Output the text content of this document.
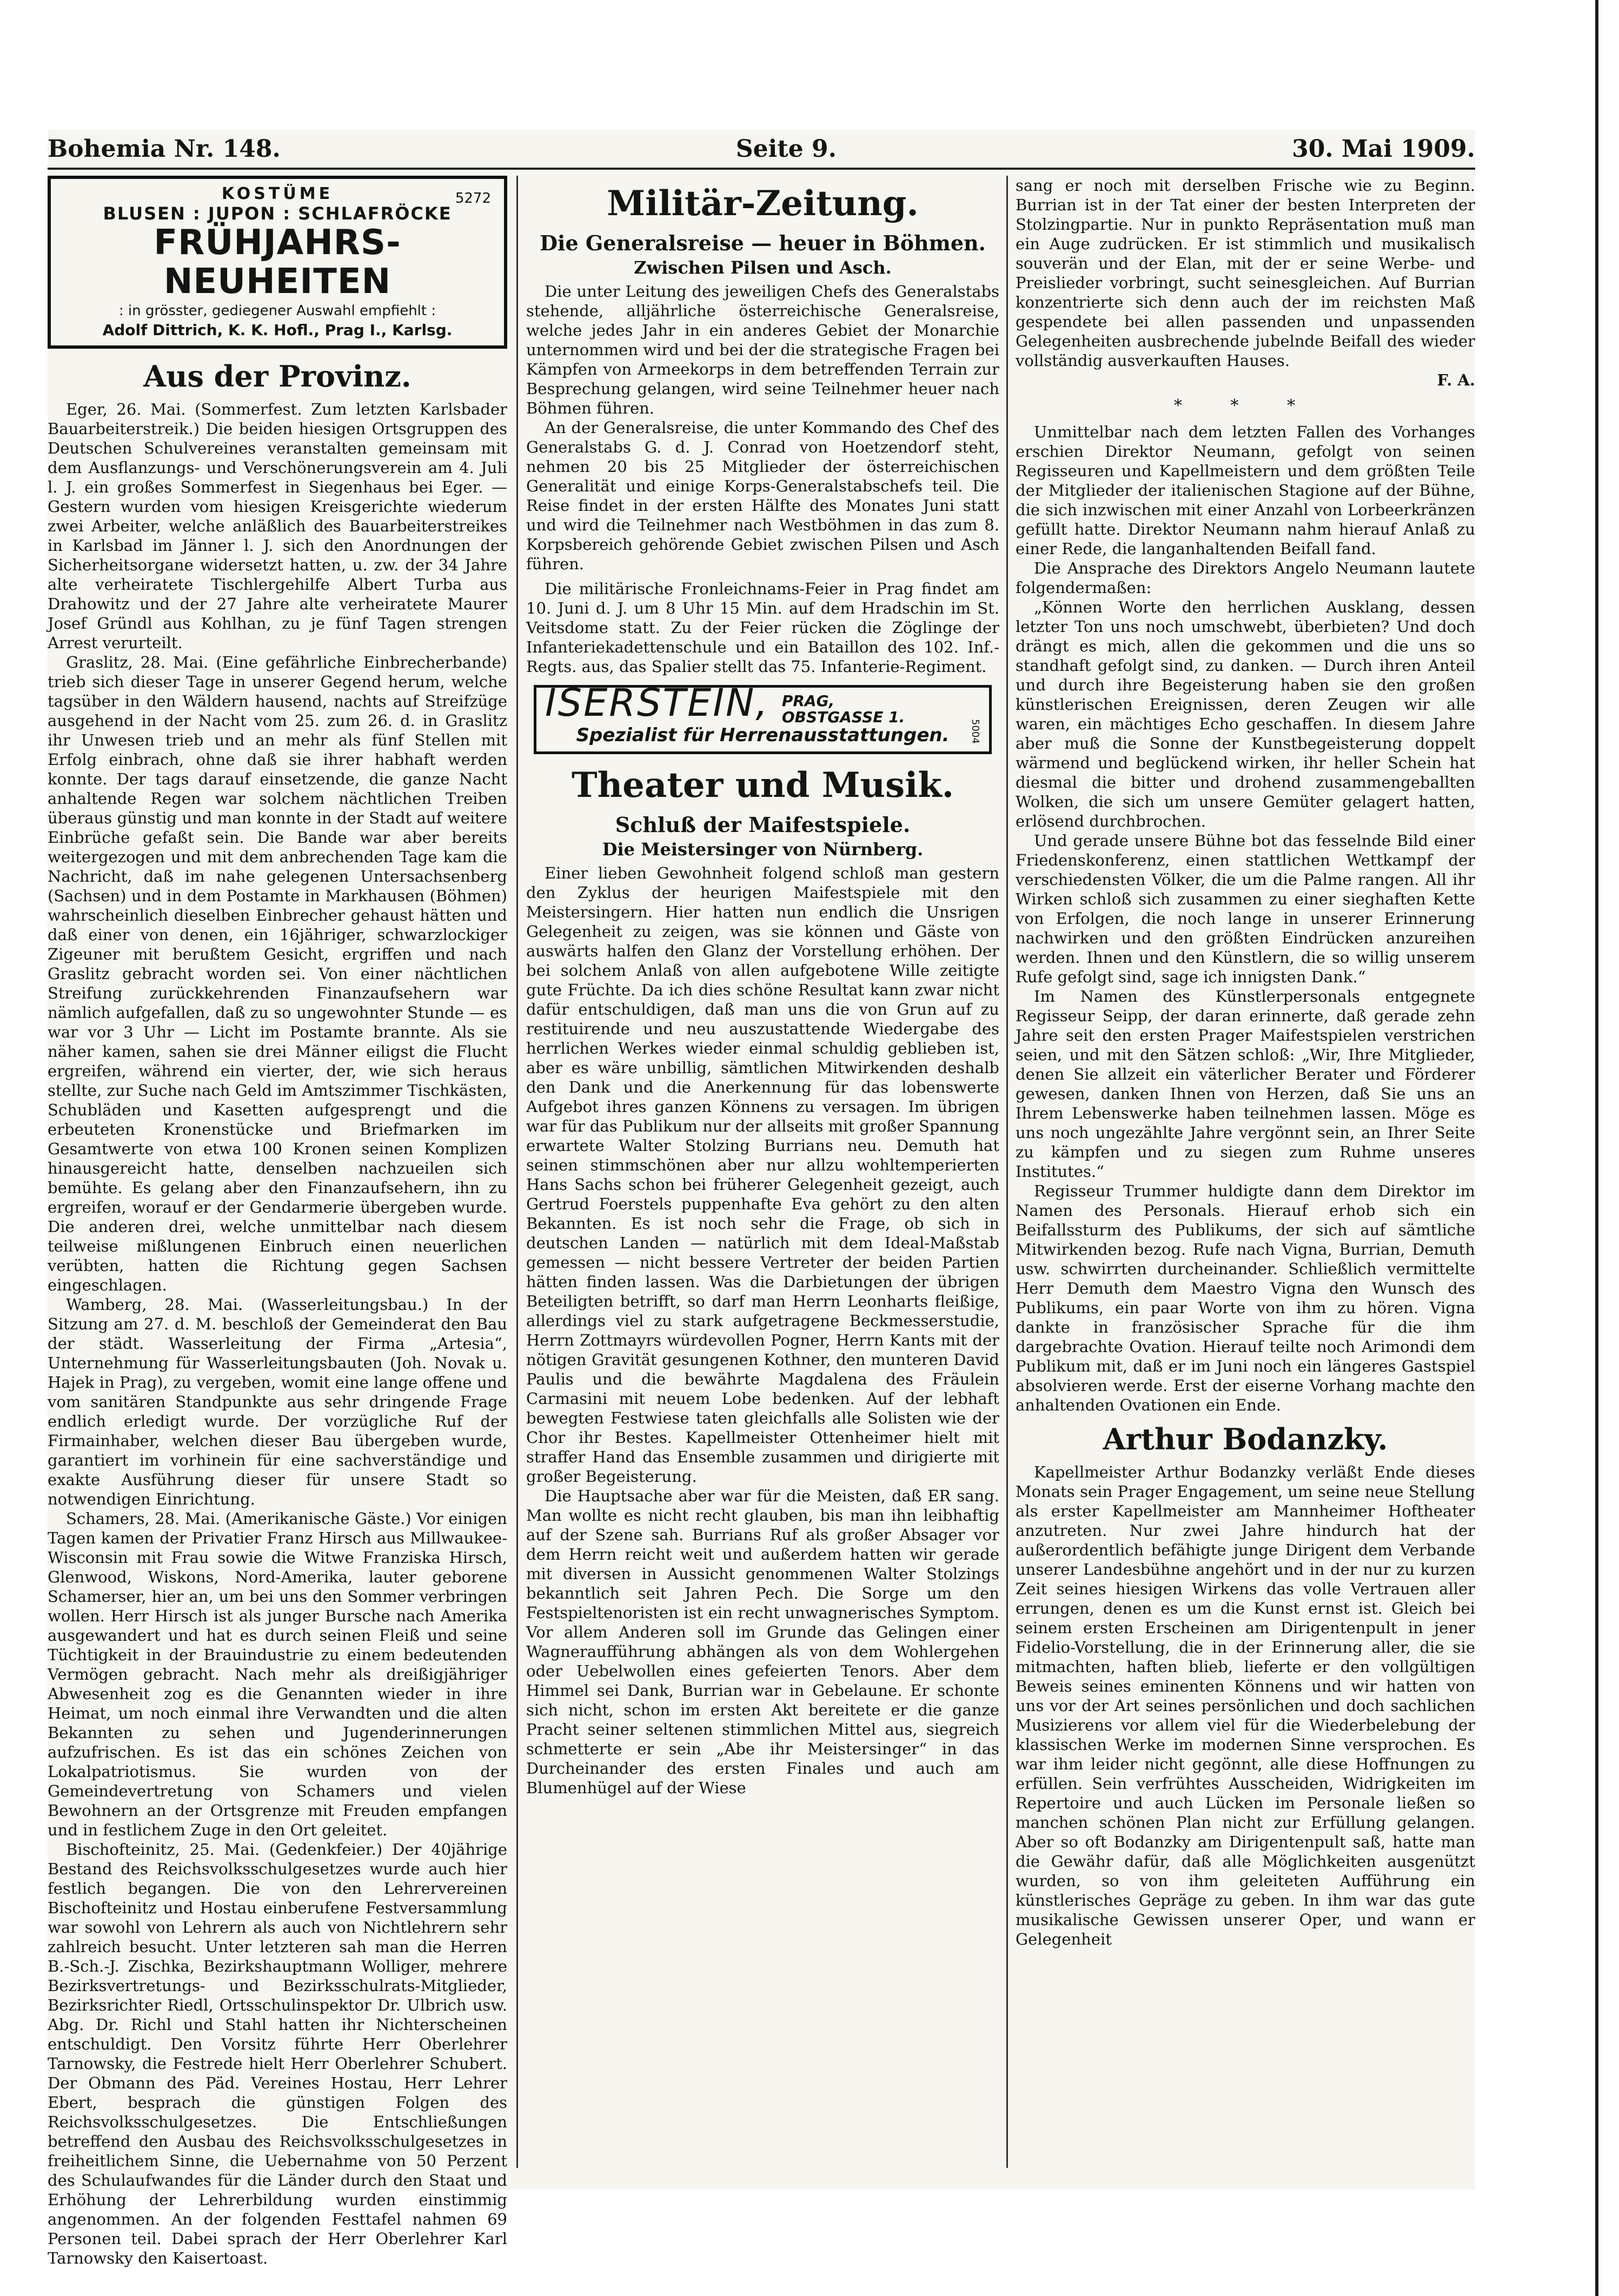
Bohemia Nr. 148.	Seite 9.	30. Mai 1909.
KOSTÜME	5272
BLUSEN : JUPON : SCHLAFRÖCKE
FRÜHJAHRS-NEUHEITEN
: in grösster, gediegener Auswahl empfiehlt :
Adolf Dittrich, K. K. Hofl., Prag I., Karlsg.
Aus der Provinz.

Eger, 26. Mai. (Sommerfest. Zum letzten Karlsbader Bauarbeiterstreik.) Die beiden hiesigen Ortsgruppen des Deutschen Schulvereines veranstalten gemeinsam mit dem Ausflanzungs- und Verschönerungsverein am 4. Juli l. J. ein großes Sommerfest in Siegenhaus bei Eger. — Gestern wurden vom hiesigen Kreisgerichte wiederum zwei Arbeiter, welche anläßlich des Bauarbeiterstreikes in Karlsbad im Jänner l. J. sich den Anordnungen der Sicherheitsorgane widersetzt hatten, u. zw. der 34 Jahre alte verheiratete Tischlergehilfe Albert Turba aus Drahowitz und der 27 Jahre alte verheiratete Maurer Josef Gründl aus Kohlhan, zu je fünf Tagen strengen Arrest verurteilt.

Graslitz, 28. Mai. (Eine gefährliche Einbrecherbande) trieb sich dieser Tage in unserer Gegend herum, welche tagsüber in den Wäldern hausend, nachts auf Streifzüge ausgehend in der Nacht vom 25. zum 26. d. in Graslitz ihr Unwesen trieb und an mehr als fünf Stellen mit Erfolg einbrach, ohne daß sie ihrer habhaft werden konnte. Der tags darauf einsetzende, die ganze Nacht anhaltende Regen war solchem nächtlichen Treiben überaus günstig und man konnte in der Stadt auf weitere Einbrüche gefaßt sein. Die Bande war aber bereits weitergezogen und mit dem anbrechenden Tage kam die Nachricht, daß im nahe gelegenen Untersachsenberg (Sachsen) und in dem Postamte in Markhausen (Böhmen) wahrscheinlich dieselben Einbrecher gehaust hätten und daß einer von denen, ein 16jähriger, schwarzlockiger Zigeuner mit berußtem Gesicht, ergriffen und nach Graslitz gebracht worden sei. Von einer nächtlichen Streifung zurückkehrenden Finanzaufsehern war nämlich aufgefallen, daß zu so ungewohnter Stunde — es war vor 3 Uhr — Licht im Postamte brannte. Als sie näher kamen, sahen sie drei Männer eiligst die Flucht ergreifen, während ein vierter, der, wie sich heraus stellte, zur Suche nach Geld im Amtszimmer Tischkästen, Schubläden und Kasetten aufgesprengt und die erbeuteten Kronenstücke und Briefmarken im Gesamtwerte von etwa 100 Kronen seinen Komplizen hinausgereicht hatte, denselben nachzueilen sich bemühte. Es gelang aber den Finanzaufsehern, ihn zu ergreifen, worauf er der Gendarmerie übergeben wurde. Die anderen drei, welche unmittelbar nach diesem teilweise mißlungenen Einbruch einen neuerlichen verübten, hatten die Richtung gegen Sachsen eingeschlagen.

Wamberg, 28. Mai. (Wasserleitungsbau.) In der Sitzung am 27. d. M. beschloß der Gemeinderat den Bau der städt. Wasserleitung der Firma „Artesia“, Unternehmung für Wasserleitungsbauten (Joh. Novak u. Hajek in Prag), zu vergeben, womit eine lange offene und vom sanitären Standpunkte aus sehr dringende Frage endlich erledigt wurde. Der vorzügliche Ruf der Firmainhaber, welchen dieser Bau übergeben wurde, garantiert im vorhinein für eine sachverständige und exakte Ausführung dieser für unsere Stadt so notwendigen Einrichtung.

Schamers, 28. Mai. (Amerikanische Gäste.) Vor einigen Tagen kamen der Privatier Franz Hirsch aus Millwaukee-Wisconsin mit Frau sowie die Witwe Franziska Hirsch, Glenwood, Wiskons, Nord-Amerika, lauter geborene Schamerser, hier an, um bei uns den Sommer verbringen wollen. Herr Hirsch ist als junger Bursche nach Amerika ausgewandert und hat es durch seinen Fleiß und seine Tüchtigkeit in der Brauindustrie zu einem bedeutenden Vermögen gebracht. Nach mehr als dreißigjähriger Abwesenheit zog es die Genannten wieder in ihre Heimat, um noch einmal ihre Verwandten und die alten Bekannten zu sehen und Jugenderinnerungen aufzufrischen. Es ist das ein schönes Zeichen von Lokalpatriotismus. Sie wurden von der Gemeindevertretung von Schamers und vielen Bewohnern an der Ortsgrenze mit Freuden empfangen und in festlichem Zuge in den Ort geleitet.

Bischofteinitz, 25. Mai. (Gedenkfeier.) Der 40jährige Bestand des Reichsvolksschulgesetzes wurde auch hier festlich begangen. Die von den Lehrervereinen Bischofteinitz und Hostau einberufene Festversammlung war sowohl von Lehrern als auch von Nichtlehrern sehr zahlreich besucht. Unter letzteren sah man die Herren B.-Sch.-J. Zischka, Bezirkshauptmann Wolliger, mehrere Bezirksvertretungs- und Bezirksschulrats-Mitglieder, Bezirksrichter Riedl, Ortsschulinspektor Dr. Ulbrich usw. Abg. Dr. Richl und Stahl hatten ihr Nichterscheinen entschuldigt. Den Vorsitz führte Herr Oberlehrer Tarnowsky, die Festrede hielt Herr Oberlehrer Schubert. Der Obmann des Päd. Vereines Hostau, Herr Lehrer Ebert, besprach die günstigen Folgen des Reichsvolksschulgesetzes. Die Entschließungen betreffend den Ausbau des Reichsvolksschulgesetzes in freiheitlichem Sinne, die Uebernahme von 50 Perzent des Schulaufwandes für die Länder durch den Staat und Erhöhung der Lehrerbildung wurden einstimmig angenommen. An der folgenden Festtafel nahmen 69 Personen teil. Dabei sprach der Herr Oberlehrer Karl Tarnowsky den Kaisertoast.

Militär-Zeitung.
Die Generalsreise — heuer in Böhmen.
Zwischen Pilsen und Asch.

Die unter Leitung des jeweiligen Chefs des Generalstabs stehende, alljährliche österreichische Generalsreise, welche jedes Jahr in ein anderes Gebiet der Monarchie unternommen wird und bei der die strategische Fragen bei Kämpfen von Armeekorps in dem betreffenden Terrain zur Besprechung gelangen, wird seine Teilnehmer heuer nach Böhmen führen.

An der Generalsreise, die unter Kommando des Chef des Generalstabs G. d. J. Conrad von Hoetzendorf steht, nehmen 20 bis 25 Mitglieder der österreichischen Generalität und einige Korps-Generalstabschefs teil. Die Reise findet in der ersten Hälfte des Monates Juni statt und wird die Teilnehmer nach Westböhmen in das zum 8. Korpsbereich gehörende Gebiet zwischen Pilsen und Asch führen.

Die militärische Fronleichnams-Feier in Prag findet am 10. Juni d. J. um 8 Uhr 15 Min. auf dem Hradschin im St. Veitsdome statt. Zu der Feier rücken die Zöglinge der Infanteriekadettenschule und ein Bataillon des 102. Inf.-Regts. aus, das Spalier stellt das 75. Infanterie-Regiment.

ISERSTEIN, PRAG,
OBSTGASSE 1.
Spezialist für Herrenausstattungen.	5004
Theater und Musik.
Schluß der Maifestspiele.
Die Meistersinger von Nürnberg.

Einer lieben Gewohnheit folgend schloß man gestern den Zyklus der heurigen Maifestspiele mit den Meistersingern. Hier hatten nun endlich die Unsrigen Gelegenheit zu zeigen, was sie können und Gäste von auswärts halfen den Glanz der Vorstellung erhöhen. Der bei solchem Anlaß von allen aufgebotene Wille zeitigte gute Früchte. Da ich dies schöne Resultat kann zwar nicht dafür entschuldigen, daß man uns die von Grun auf zu restituirende und neu auszustattende Wiedergabe des herrlichen Werkes wieder einmal schuldig geblieben ist, aber es wäre unbillig, sämtlichen Mitwirkenden deshalb den Dank und die Anerkennung für das lobenswerte Aufgebot ihres ganzen Könnens zu versagen. Im übrigen war für das Publikum nur der allseits mit großer Spannung erwartete Walter Stolzing Burrians neu. Demuth hat seinen stimmschönen aber nur allzu wohltemperierten Hans Sachs schon bei früherer Gelegenheit gezeigt, auch Gertrud Foerstels puppenhafte Eva gehört zu den alten Bekannten. Es ist noch sehr die Frage, ob sich in deutschen Landen — natürlich mit dem Ideal-Maßstab gemessen — nicht bessere Vertreter der beiden Partien hätten finden lassen. Was die Darbietungen der übrigen Beteiligten betrifft, so darf man Herrn Leonharts fleißige, allerdings viel zu stark aufgetragene Beckmesserstudie, Herrn Zottmayrs würdevollen Pogner, Herrn Kants mit der nötigen Gravität gesungenen Kothner, den munteren David Paulis und die bewährte Magdalena des Fräulein Carmasini mit neuem Lobe bedenken. Auf der lebhaft bewegten Festwiese taten gleichfalls alle Solisten wie der Chor ihr Bestes. Kapellmeister Ottenheimer hielt mit straffer Hand das Ensemble zusammen und dirigierte mit großer Begeisterung.

Die Hauptsache aber war für die Meisten, daß ER sang. Man wollte es nicht recht glauben, bis man ihn leibhaftig auf der Szene sah. Burrians Ruf als großer Absager vor dem Herrn reicht weit und außerdem hatten wir gerade mit diversen in Aussicht genommenen Walter Stolzings bekanntlich seit Jahren Pech. Die Sorge um den Festspieltenoristen ist ein recht unwagnerisches Symptom. Vor allem Anderen soll im Grunde das Gelingen einer Wagneraufführung abhängen als von dem Wohlergehen oder Uebelwollen eines gefeierten Tenors. Aber dem Himmel sei Dank, Burrian war in Gebelaune. Er schonte sich nicht, schon im ersten Akt bereitete er die ganze Pracht seiner seltenen stimmlichen Mittel aus, siegreich schmetterte er sein „Abe ihr Meistersinger“ in das Durcheinander des ersten Finales und auch am Blumenhügel auf der Wiese

sang er noch mit derselben Frische wie zu Beginn. Burrian ist in der Tat einer der besten Interpreten der Stolzingpartie. Nur in punkto Repräsentation muß man ein Auge zudrücken. Er ist stimmlich und musikalisch souverän und der Elan, mit der er seine Werbe- und Preislieder vorbringt, sucht seinesgleichen. Auf Burrian konzentrierte sich denn auch der im reichsten Maß gespendete bei allen passenden und unpassenden Gelegenheiten ausbrechende jubelnde Beifall des wieder vollständig ausverkauften Hauses.

F. A.
* * *

Unmittelbar nach dem letzten Fallen des Vorhanges erschien Direktor Neumann, gefolgt von seinen Regisseuren und Kapellmeistern und dem größten Teile der Mitglieder der italienischen Stagione auf der Bühne, die sich inzwischen mit einer Anzahl von Lorbeerkränzen gefüllt hatte. Direktor Neumann nahm hierauf Anlaß zu einer Rede, die langanhaltenden Beifall fand.

Die Ansprache des Direktors Angelo Neumann lautete folgendermaßen:

„Können Worte den herrlichen Ausklang, dessen letzter Ton uns noch umschwebt, überbieten? Und doch drängt es mich, allen die gekommen und die uns so standhaft gefolgt sind, zu danken. — Durch ihren Anteil und durch ihre Begeisterung haben sie den großen künstlerischen Ereignissen, deren Zeugen wir alle waren, ein mächtiges Echo geschaffen. In diesem Jahre aber muß die Sonne der Kunstbegeisterung doppelt wärmend und beglückend wirken, ihr heller Schein hat diesmal die bitter und drohend zusammengeballten Wolken, die sich um unsere Gemüter gelagert hatten, erlösend durchbrochen.

Und gerade unsere Bühne bot das fesselnde Bild einer Friedenskonferenz, einen stattlichen Wettkampf der verschiedensten Völker, die um die Palme rangen. All ihr Wirken schloß sich zusammen zu einer sieghaften Kette von Erfolgen, die noch lange in unserer Erinnerung nachwirken und den größten Eindrücken anzureihen werden. Ihnen und den Künstlern, die so willig unserem Rufe gefolgt sind, sage ich innigsten Dank.“

Im Namen des Künstlerpersonals entgegnete Regisseur Seipp, der daran erinnerte, daß gerade zehn Jahre seit den ersten Prager Maifestspielen verstrichen seien, und mit den Sätzen schloß: „Wir, Ihre Mitglieder, denen Sie allzeit ein väterlicher Berater und Förderer gewesen, danken Ihnen von Herzen, daß Sie uns an Ihrem Lebenswerke haben teilnehmen lassen. Möge es uns noch ungezählte Jahre vergönnt sein, an Ihrer Seite zu kämpfen und zu siegen zum Ruhme unseres Institutes.“

Regisseur Trummer huldigte dann dem Direktor im Namen des Personals. Hierauf erhob sich ein Beifallssturm des Publikums, der sich auf sämtliche Mitwirkenden bezog. Rufe nach Vigna, Burrian, Demuth usw. schwirrten durcheinander. Schließlich vermittelte Herr Demuth dem Maestro Vigna den Wunsch des Publikums, ein paar Worte von ihm zu hören. Vigna dankte in französischer Sprache für die ihm dargebrachte Ovation. Hierauf teilte noch Arimondi dem Publikum mit, daß er im Juni noch ein längeres Gastspiel absolvieren werde. Erst der eiserne Vorhang machte den anhaltenden Ovationen ein Ende.

Arthur Bodanzky.

Kapellmeister Arthur Bodanzky verläßt Ende dieses Monats sein Prager Engagement, um seine neue Stellung als erster Kapellmeister am Mannheimer Hoftheater anzutreten. Nur zwei Jahre hindurch hat der außerordentlich befähigte junge Dirigent dem Verbande unserer Landesbühne angehört und in der nur zu kurzen Zeit seines hiesigen Wirkens das volle Vertrauen aller errungen, denen es um die Kunst ernst ist. Gleich bei seinem ersten Erscheinen am Dirigentenpult in jener Fidelio-Vorstellung, die in der Erinnerung aller, die sie mitmachten, haften blieb, lieferte er den vollgültigen Beweis seines eminenten Könnens und wir hatten von uns vor der Art seines persönlichen und doch sachlichen Musizierens vor allem viel für die Wiederbelebung der klassischen Werke im modernen Sinne versprochen. Es war ihm leider nicht gegönnt, alle diese Hoffnungen zu erfüllen. Sein verfrühtes Ausscheiden, Widrigkeiten im Repertoire und auch Lücken im Personale ließen so manchen schönen Plan nicht zur Erfüllung gelangen. Aber so oft Bodanzky am Dirigentenpult saß, hatte man die Gewähr dafür, daß alle Möglichkeiten ausgenützt wurden, so von ihm geleiteten Aufführung ein künstlerisches Gepräge zu geben. In ihm war das gute musikalische Gewissen unserer Oper, und wann er Gelegenheit
